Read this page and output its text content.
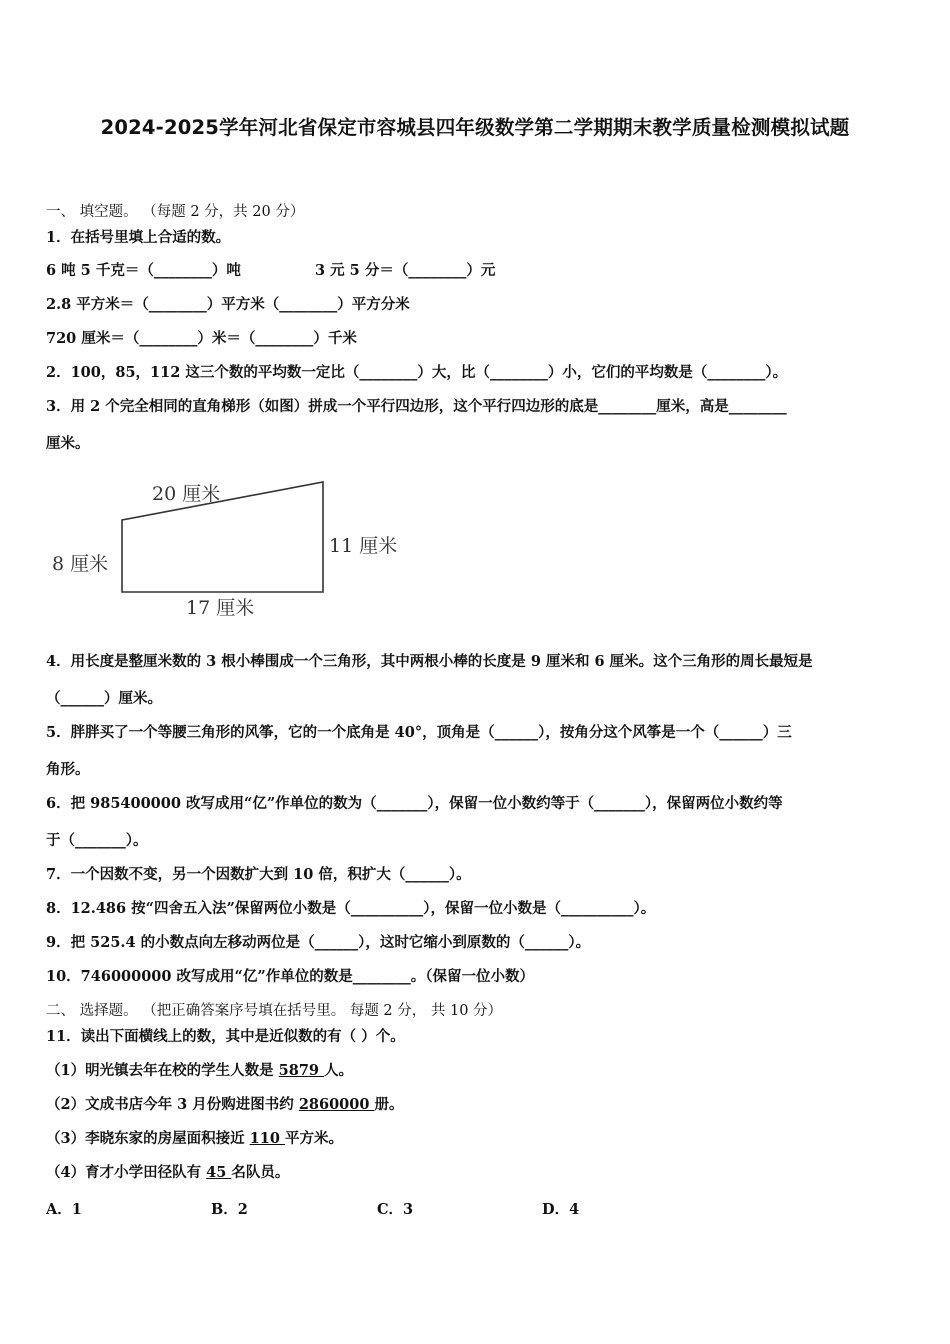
2024-2025学年河北省保定市容城县四年级数学第二学期期末教学质量检测模拟试题
一、 填空题。 （每题 2 分，共 20 分）
1．在括号里填上合适的数。
6 吨 5 千克＝（________）吨	3 元 5 分＝（________）元
2.8 平方米＝（________）平方米（________）平方分米
720 厘米＝（________）米＝（________）千米
2．100，85，112 这三个数的平均数一定比（________）大，比（________）小，它们的平均数是（________）。
3．用 2 个完全相同的直角梯形（如图）拼成一个平行四边形，这个平行四边形的底是________厘米，高是________
厘米。
20 厘米
8 厘米
11 厘米
17 厘米
4．用长度是整厘米数的 3 根小棒围成一个三角形，其中两根小棒的长度是 9 厘米和 6 厘米。这个三角形的周长最短是
（______）厘米。
5．胖胖买了一个等腰三角形的风筝，它的一个底角是 40°，顶角是（______），按角分这个风筝是一个（______）三
角形。
6．把 985400000 改写成用“亿”作单位的数为（_______），保留一位小数约等于（_______），保留两位小数约等
于（_______）。
7．一个因数不变，另一个因数扩大到 10 倍，积扩大（______）。
8．12.486 按“四舍五入法”保留两位小数是（__________），保留一位小数是（__________）。
9．把 525.4 的小数点向左移动两位是（______），这时它缩小到原数的（______）。
10．746000000 改写成用“亿”作单位的数是________。（保留一位小数）
二、 选择题。 （把正确答案序号填在括号里。 每题 2 分， 共 10 分）
11．读出下面横线上的数，其中是近似数的有（ ）个。
（1）明光镇去年在校的学生人数是 5879 人。
（2）文成书店今年 3 月份购进图书约 2860000 册。
（3）李晓东家的房屋面积接近 110 平方米。
（4）育才小学田径队有 45 名队员。
A．1	B．2	C．3	D．4
